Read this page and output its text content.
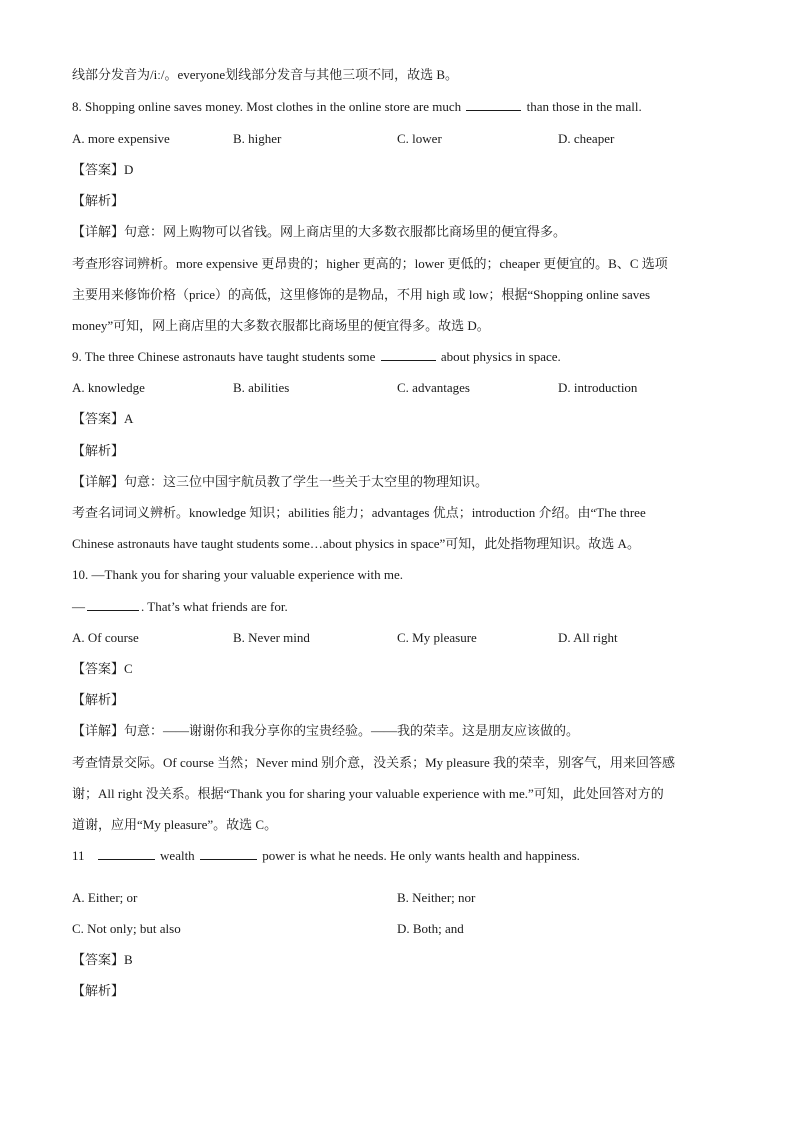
线部分发音为/iː/。everyone划线部分发音与其他三项不同，故选 B。
8. Shopping online saves money. Most clothes in the online store are much	than those in the mall.
A. more expensive	B. higher	C. lower	D. cheaper
【答案】D
【解析】
【详解】句意：网上购物可以省钱。网上商店里的大多数衣服都比商场里的便宜得多。
考查形容词辨析。more expensive 更昂贵的；higher 更高的；lower 更低的；cheaper 更便宜的。B、C 选项
主要用来修饰价格（price）的高低，这里修饰的是物品，不用 high 或 low；根据“Shopping online saves
money”可知，网上商店里的大多数衣服都比商场里的便宜得多。故选 D。
9. The three Chinese astronauts have taught students some	about physics in space.
A. knowledge	B. abilities	C. advantages	D. introduction
【答案】A
【解析】
【详解】句意：这三位中国宇航员教了学生一些关于太空里的物理知识。
考查名词词义辨析。knowledge 知识；abilities 能力；advantages 优点；introduction 介绍。由“The three
Chinese astronauts have taught students some…about physics in space”可知，此处指物理知识。故选 A。
10. —Thank you for sharing your valuable experience with me.
—	. That’s what friends are for.
A. Of course	B. Never mind	C. My pleasure	D. All right
【答案】C
【解析】
【详解】句意：——谢谢你和我分享你的宝贵经验。——我的荣幸。这是朋友应该做的。
考查情景交际。Of course 当然；Never mind 别介意，没关系；My pleasure 我的荣幸，别客气，用来回答感
谢；All right 没关系。根据“Thank you for sharing your valuable experience with me.”可知，此处回答对方的
道谢，应用“My pleasure”。故选 C。
11	wealth	power is what he needs. He only wants health and happiness.
A. Either; or	B. Neither; nor
C. Not only; but also	D. Both; and
【答案】B
【解析】
